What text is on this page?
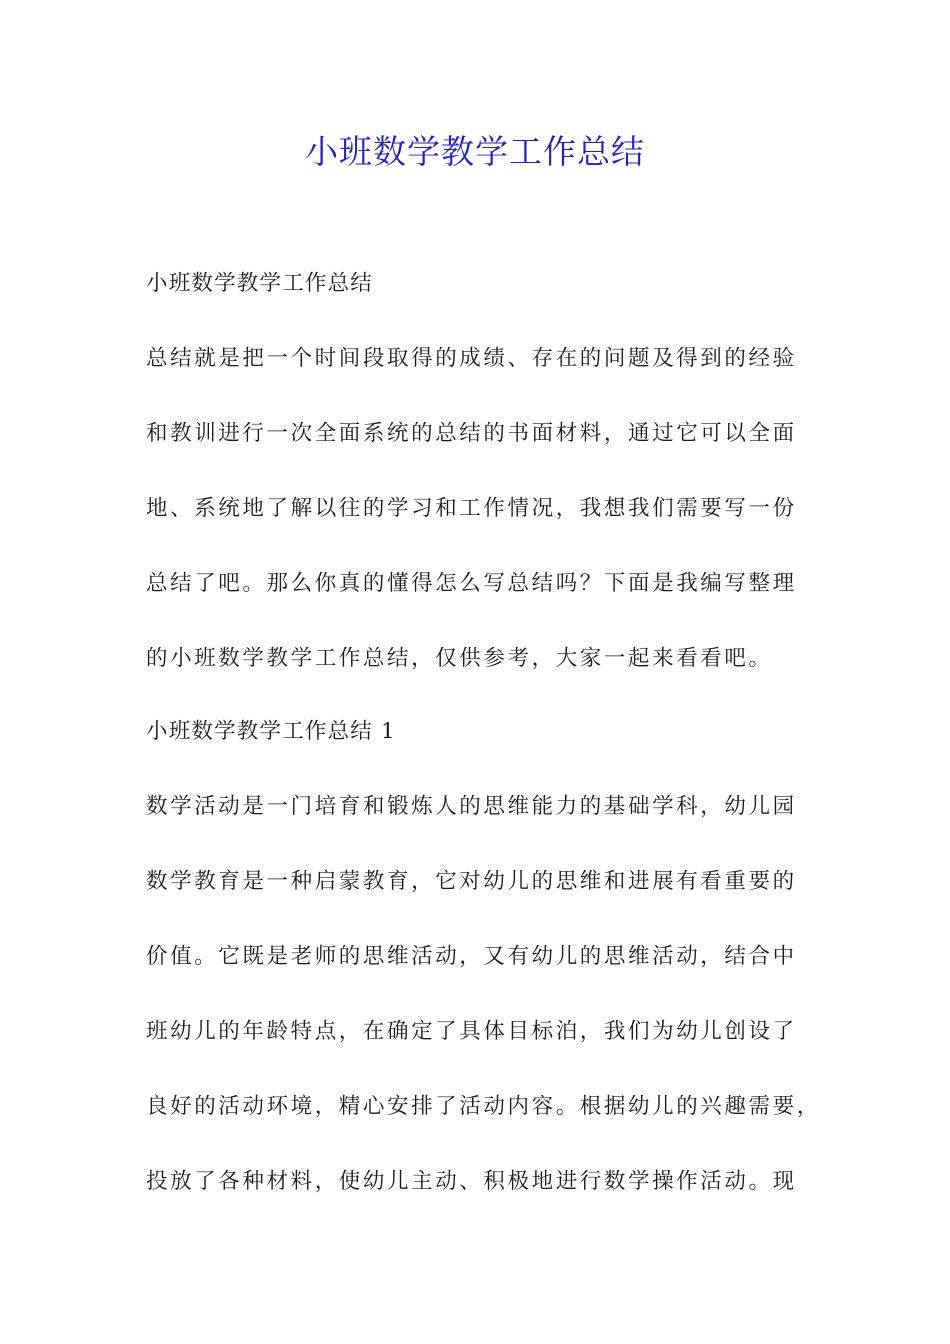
小班数学教学工作总结

小班数学教学工作总结

总结就是把一个时间段取得的成绩、存在的问题及得到的经验

和教训进行一次全面系统的总结的书面材料，通过它可以全面

地、系统地了解以往的学习和工作情况，我想我们需要写一份

总结了吧。那么你真的懂得怎么写总结吗？下面是我编写整理

的小班数学教学工作总结，仅供参考，大家一起来看看吧。

小班数学教学工作总结 1

数学活动是一门培育和锻炼人的思维能力的基础学科，幼儿园

数学教育是一种启蒙教育，它对幼儿的思维和进展有看重要的

价值。它既是老师的思维活动，又有幼儿的思维活动，结合中

班幼儿的年龄特点，在确定了具体目标泊，我们为幼儿创设了

良好的活动环境，精心安排了活动内容。根据幼儿的兴趣需要，

投放了各种材料，使幼儿主动、积极地进行数学操作活动。现
